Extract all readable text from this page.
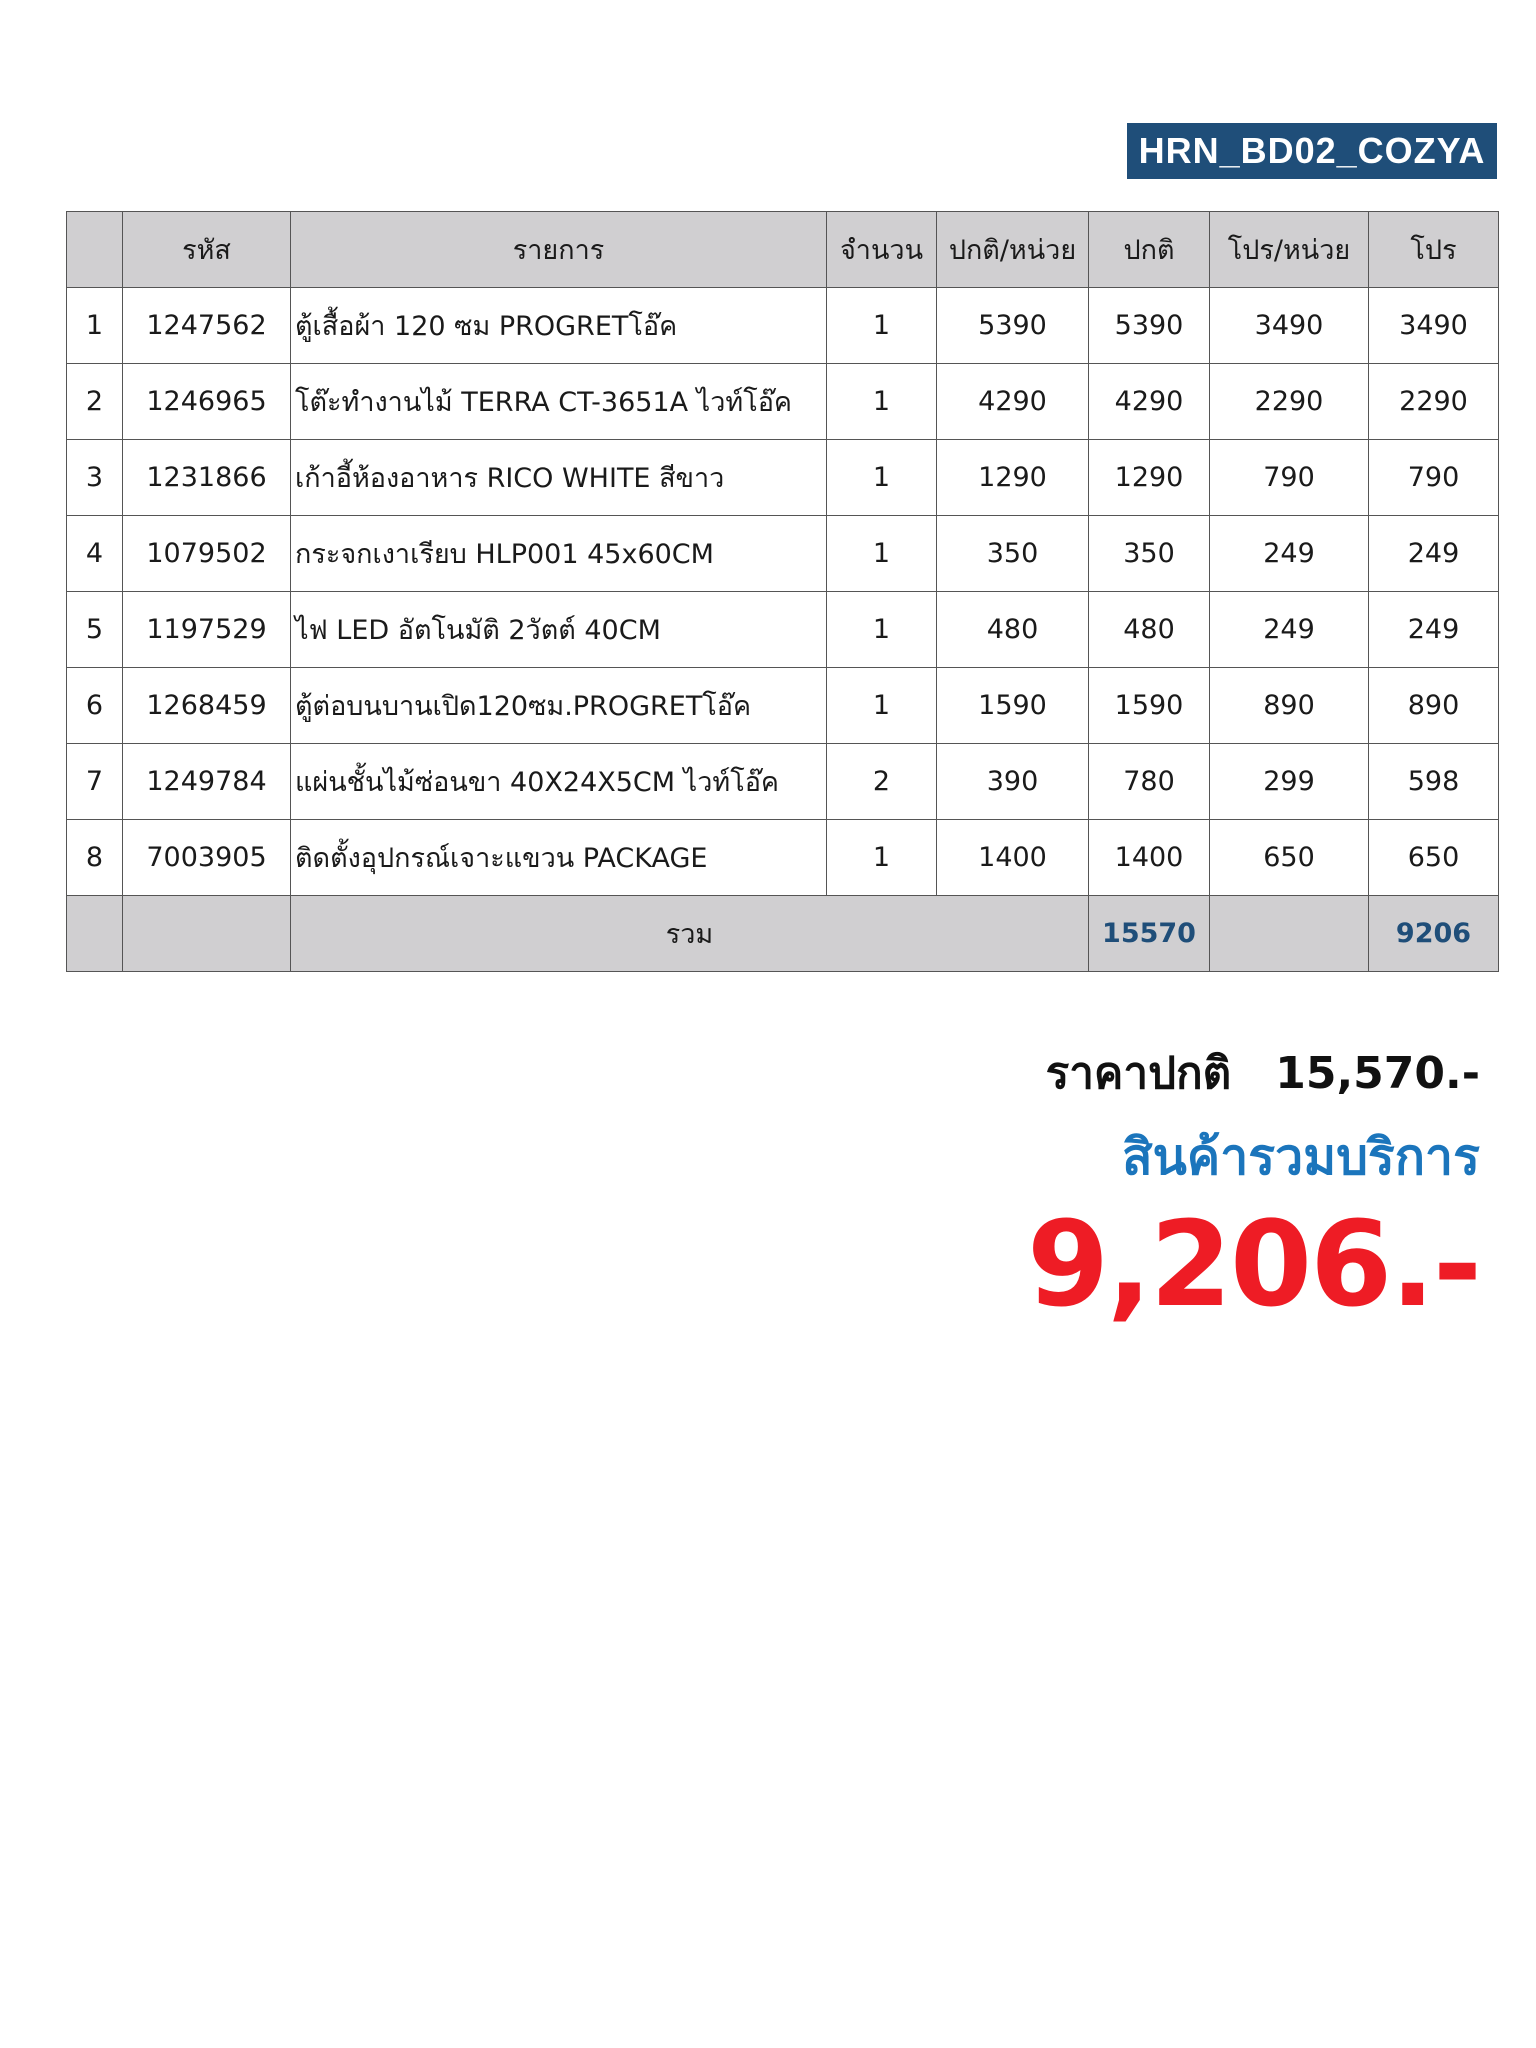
HRN_BD02_COZYA
	รหัส	รายการ	จำนวน	ปกติ/หน่วย	ปกติ	โปร/หน่วย	โปร
1	1247562	ตู้เสื้อผ้า 120 ซม PROGRETโอ๊ค	1	5390	5390	3490	3490
2	1246965	โต๊ะทำงานไม้ TERRA CT-3651A ไวท์โอ๊ค	1	4290	4290	2290	2290
3	1231866	เก้าอี้ห้องอาหาร RICO WHITE สีขาว	1	1290	1290	790	790
4	1079502	กระจกเงาเรียบ HLP001 45x60CM	1	350	350	249	249
5	1197529	ไฟ LED อัตโนมัติ 2วัตต์ 40CM	1	480	480	249	249
6	1268459	ตู้ต่อบนบานเปิด120ซม.PROGRETโอ๊ค	1	1590	1590	890	890
7	1249784	แผ่นชั้นไม้ซ่อนขา 40X24X5CM ไวท์โอ๊ค	2	390	780	299	598
8	7003905	ติดตั้งอุปกรณ์เจาะแขวน PACKAGE	1	1400	1400	650	650
		รวม			15570		9206
ราคาปกติ 15,570.-
สินค้ารวมบริการ
9,206.-
